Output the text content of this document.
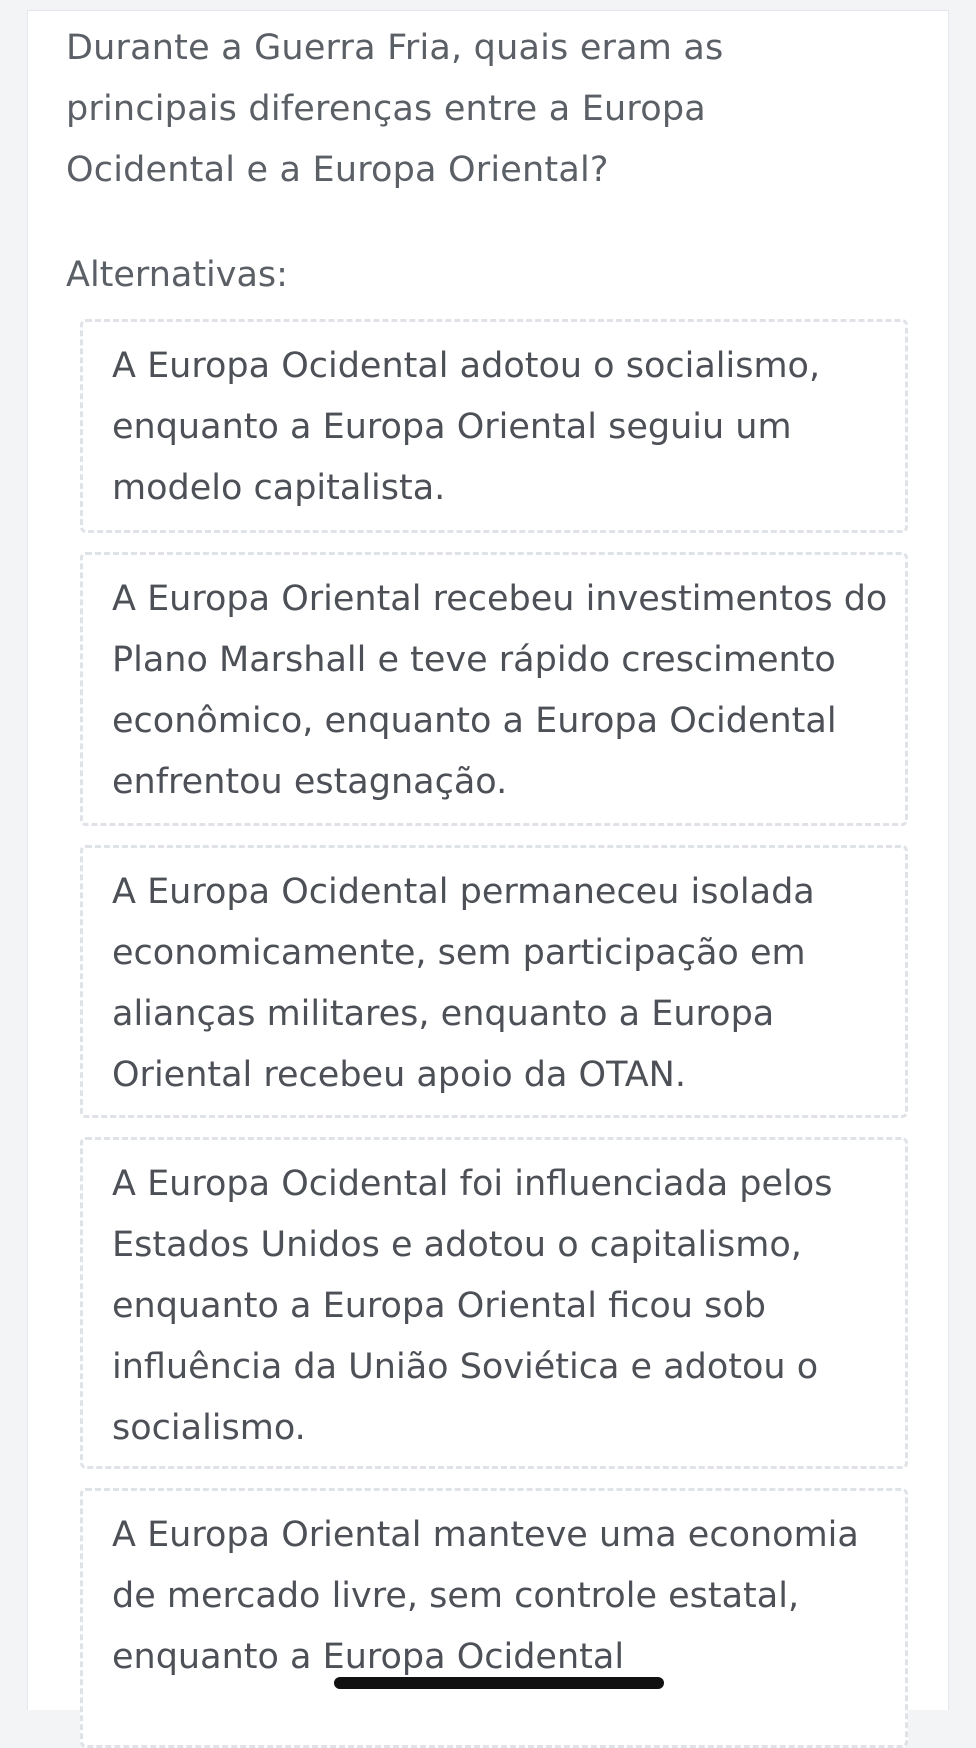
Durante a Guerra Fria, quais eram as principais diferenças entre a Europa Ocidental e a Europa Oriental?

Alternativas:

A Europa Ocidental adotou o socialismo, enquanto a Europa Oriental seguiu um modelo capitalista.
A Europa Oriental recebeu investimentos do Plano Marshall e teve rápido crescimento econômico, enquanto a Europa Ocidental enfrentou estagnação.
A Europa Ocidental permaneceu isolada economicamente, sem participação em alianças militares, enquanto a Europa Oriental recebeu apoio da OTAN.
A Europa Ocidental foi influenciada pelos Estados Unidos e adotou o capitalismo, enquanto a Europa Oriental ficou sob influência da União Soviética e adotou o socialismo.
A Europa Oriental manteve uma economia de mercado livre, sem controle estatal, enquanto a Europa Ocidental
